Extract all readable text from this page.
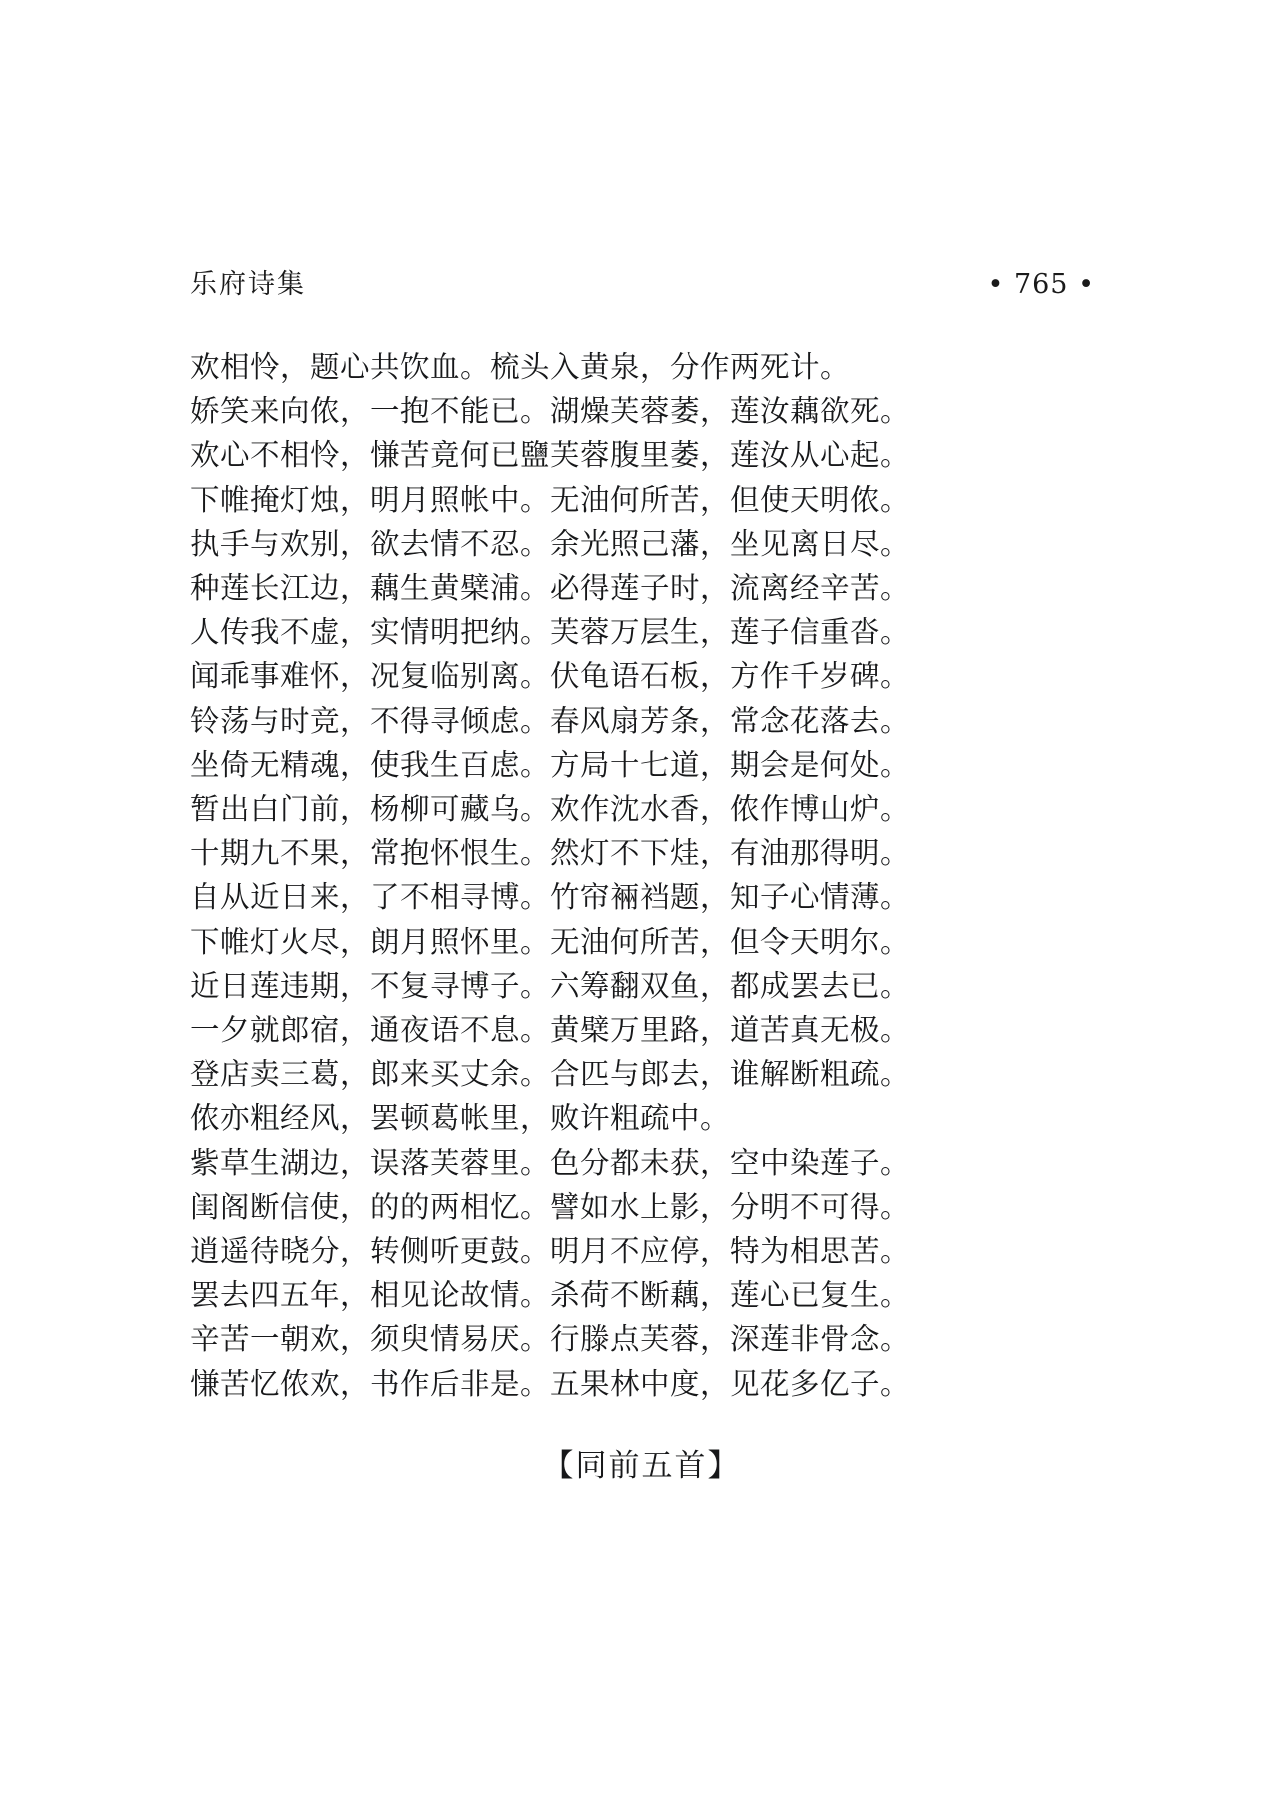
乐府诗集	• 765 •
欢相怜，题心共饮血。梳头入黄泉，分作两死计。
娇笑来向侬，一抱不能已。湖燥芙蓉萎，莲汝藕欲死。
欢心不相怜，慊苦竟何已鹽芙蓉腹里萎，莲汝从心起。
下帷掩灯烛，明月照帐中。无油何所苦，但使天明侬。
执手与欢别，欲去情不忍。余光照己藩，坐见离日尽。
种莲长江边，藕生黄檗浦。必得莲子时，流离经辛苦。
人传我不虚，实情明把纳。芙蓉万层生，莲子信重沓。
闻乖事难怀，况复临别离。伏龟语石板，方作千岁碑。
铃荡与时竞，不得寻倾虑。春风扇芳条，常念花落去。
坐倚无精魂，使我生百虑。方局十七道，期会是何处。
暂出白门前，杨柳可藏乌。欢作沈水香，侬作博山炉。
十期九不果，常抱怀恨生。然灯不下烓，有油那得明。
自从近日来，了不相寻博。竹帘裲裆题，知子心情薄。
下帷灯火尽，朗月照怀里。无油何所苦，但令天明尔。
近日莲违期，不复寻博子。六筹翻双鱼，都成罢去已。
一夕就郎宿，通夜语不息。黄檗万里路，道苦真无极。
登店卖三葛，郎来买丈余。合匹与郎去，谁解断粗疏。
侬亦粗经风，罢顿葛帐里，败许粗疏中。
紫草生湖边，误落芙蓉里。色分都未获，空中染莲子。
闺阁断信使，的的两相忆。譬如水上影，分明不可得。
逍遥待晓分，转侧听更鼓。明月不应停，特为相思苦。
罢去四五年，相见论故情。杀荷不断藕，莲心已复生。
辛苦一朝欢，须臾情易厌。行滕点芙蓉，深莲非骨念。
慊苦忆侬欢，书作后非是。五果林中度，见花多亿子。
【同前五首】
